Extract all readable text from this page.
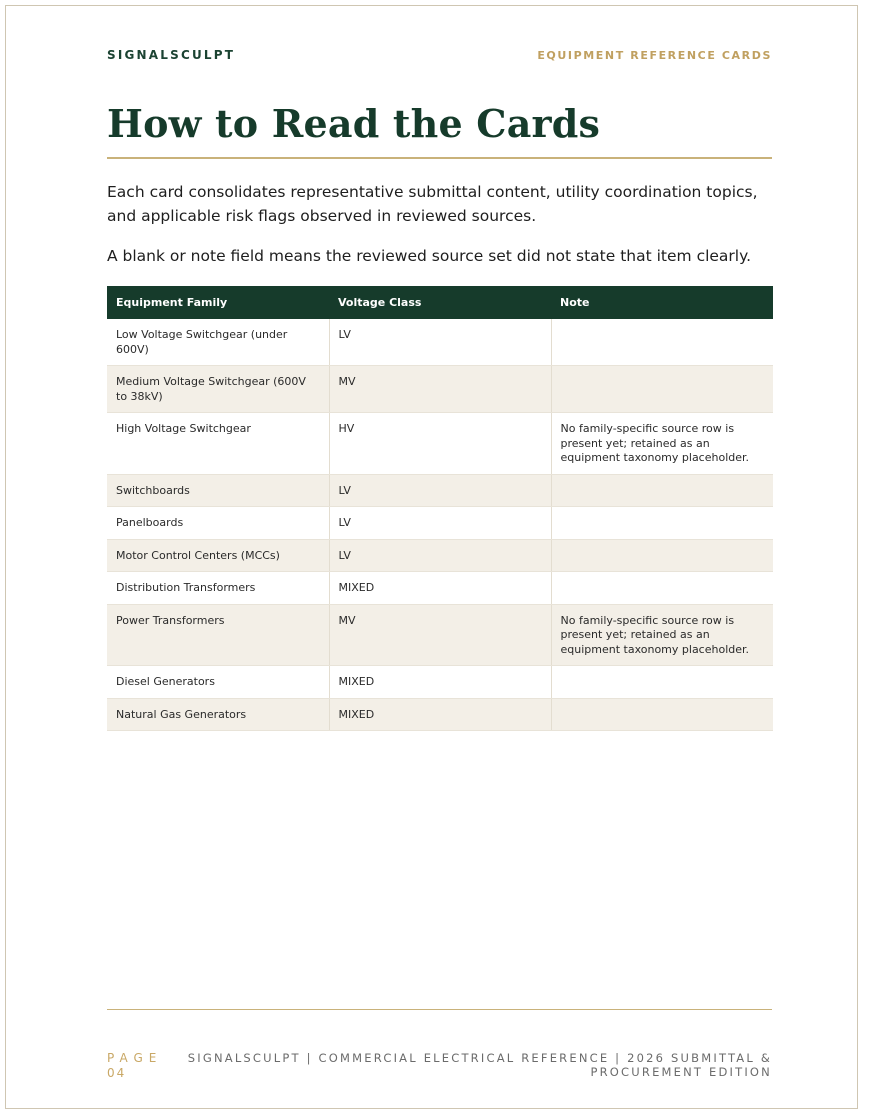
SIGNALSCULPT	EQUIPMENT REFERENCE CARDS
How to Read the Cards

Each card consolidates representative submittal content, utility coordination topics, and applicable risk flags observed in reviewed sources.

A blank or note field means the reviewed source set did not state that item clearly.

Equipment Family	Voltage Class	Note
Low Voltage Switchgear (under 600V)	LV	
Medium Voltage Switchgear (600V to 38kV)	MV	
High Voltage Switchgear	HV	No family-specific source row is present yet; retained as an equipment taxonomy placeholder.
Switchboards	LV	
Panelboards	LV	
Motor Control Centers (MCCs)	LV	
Distribution Transformers	MIXED	
Power Transformers	MV	No family-specific source row is present yet; retained as an equipment taxonomy placeholder.
Diesel Generators	MIXED	
Natural Gas Generators	MIXED	
PAGE
04
SIGNALSCULPT | COMMERCIAL ELECTRICAL REFERENCE | 2026 SUBMITTAL & PROCUREMENT EDITION
